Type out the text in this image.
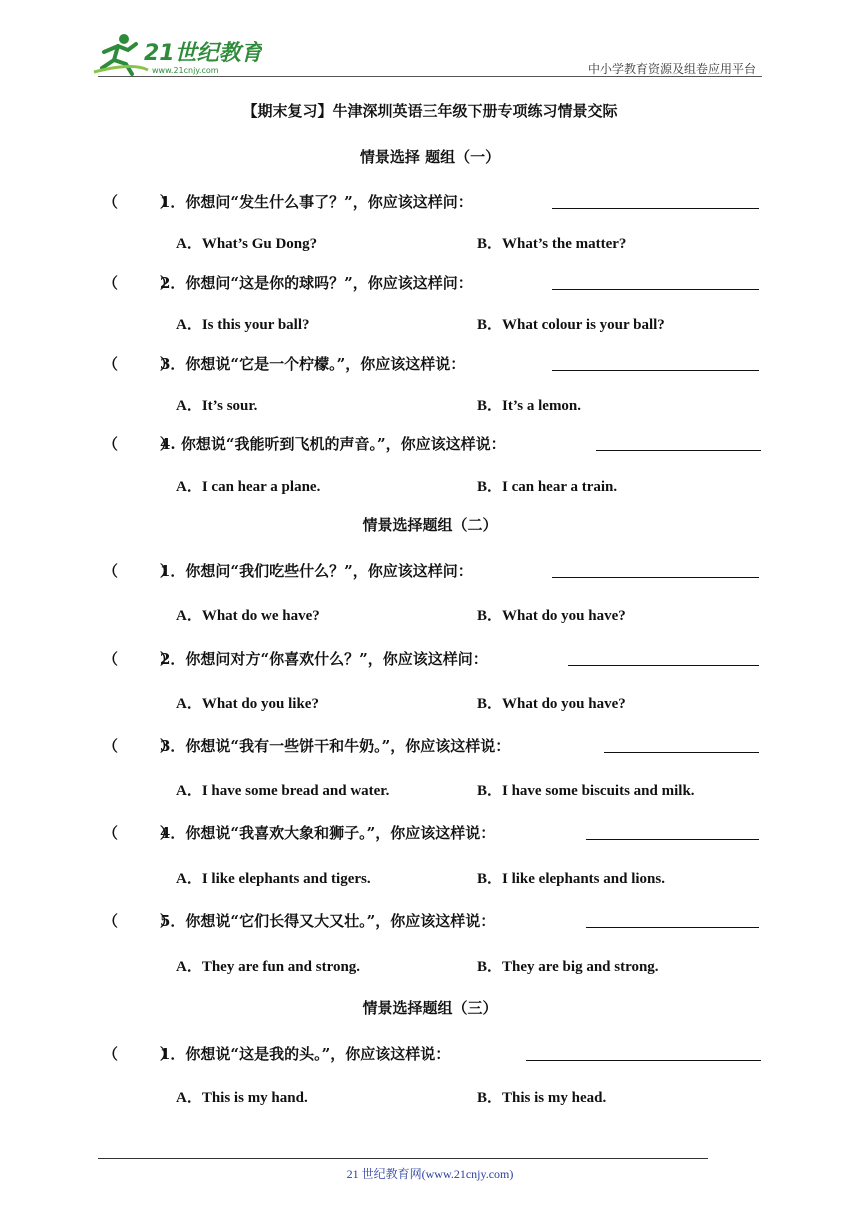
21世纪教育
www.21cnjy.com	中小学教育资源及组卷应用平台
【期末复习】牛津深圳英语三年级下册专项练习情景交际
情景选择 题组（一）
（        ）
1．你想问“发生什么事了？”，你应该这样问：
A．What’s Gu Dong?	B．What’s the matter?
（        ）
2．你想问“这是你的球吗？”，你应该这样问：
A．Is this your ball?	B．What colour is your ball?
（        ）
3．你想说“它是一个柠檬。”，你应该这样说：
A．It’s sour.	B．It’s a lemon.
（        ）
4. 你想说“我能听到飞机的声音。”，你应该这样说：
A．I can hear a plane.	B．I can hear a train.
情景选择题组（二）
（        ）
1．你想问“我们吃些什么？”，你应该这样问：
A．What do we have?	B．What do you have?
（        ）
2．你想问对方“你喜欢什么？”，你应该这样问：
A．What do you like?	B．What do you have?
（        ）
3．你想说“我有一些饼干和牛奶。”，你应该这样说：
A．I have some bread and water.	B．I have some biscuits and milk.
（        ）
4．你想说“我喜欢大象和狮子。”，你应该这样说：
A．I like elephants and tigers.	B．I like elephants and lions.
（        ）
5．你想说“它们长得又大又壮。”，你应该这样说：
A．They are fun and strong.	B．They are big and strong.
情景选择题组（三）
（        ）
1．你想说“这是我的头。”，你应该这样说：
A．This is my hand.	B．This is my head.
21 世纪教育网(www.21cnjy.com)
